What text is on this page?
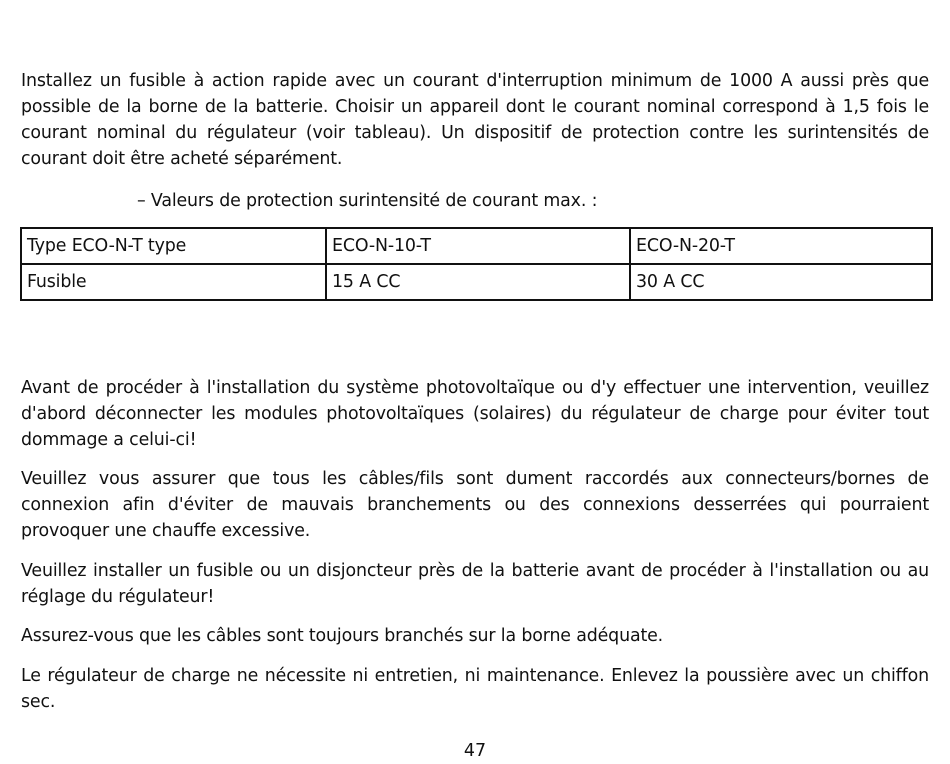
Installez un fusible à action rapide avec un courant d'interruption minimum de 1000 A aussi près que possible de la borne de la batterie. Choisir un appareil dont le courant nominal correspond à 1,5 fois le courant nominal du régulateur (voir tableau). Un dispositif de protection contre les surintensités de courant doit être acheté séparément.

– Valeurs de protection surintensité de courant max. :

Type ECO-N-T type	ECO-N-10-T	ECO-N-20-T
Fusible	15 A CC	30 A CC

Avant de procéder à l'installation du système photovoltaïque ou d'y effectuer une intervention, veuillez d'abord déconnecter les modules photovoltaïques (solaires) du régulateur de charge pour éviter tout dommage a celui-ci!

Veuillez vous assurer que tous les câbles/fils sont dument raccordés aux connecteurs/bornes de connexion afin d'éviter de mauvais branchements ou des connexions desserrées qui pourraient provoquer une chauffe excessive.

Veuillez installer un fusible ou un disjoncteur près de la batterie avant de procéder à l'installation ou au réglage du régulateur!

Assurez-vous que les câbles sont toujours branchés sur la borne adéquate.

Le régulateur de charge ne nécessite ni entretien, ni maintenance. Enlevez la poussière avec un chiffon sec.

47
